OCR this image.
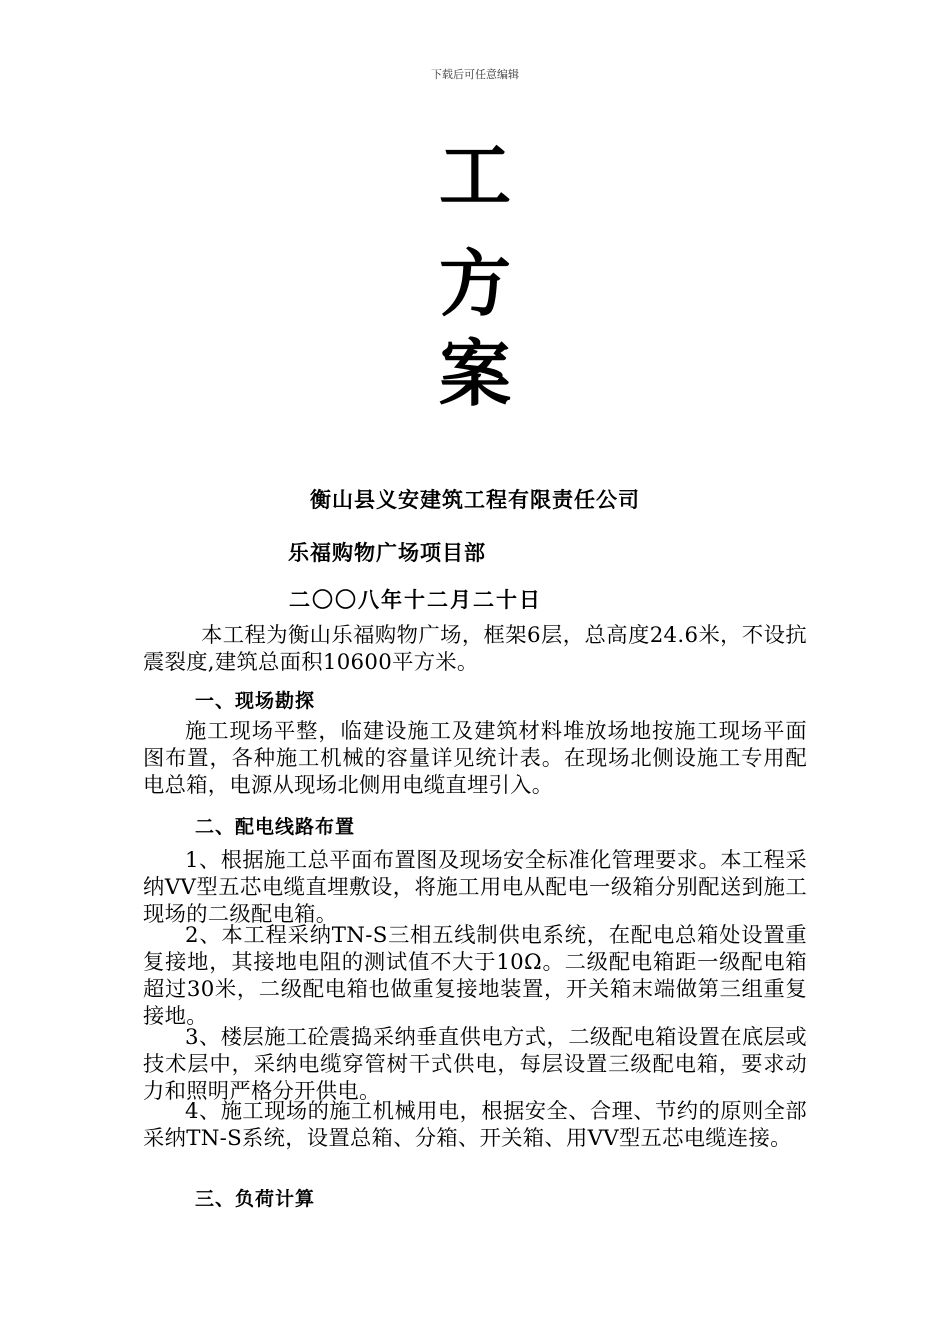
下载后可任意编辑
工
方
案
衡山县义安建筑工程有限责任公司
乐福购物广场项目部
二〇〇八年十二月二十日
本工程为衡山乐福购物广场，框架6层，总高度24.6米，不设抗震裂度,建筑总面积10600平方米。
一、现场勘探
施工现场平整，临建设施工及建筑材料堆放场地按施工现场平面图布置，各种施工机械的容量详见统计表。在现场北侧设施工专用配电总箱，电源从现场北侧用电缆直埋引入。
二、配电线路布置
1、根据施工总平面布置图及现场安全标准化管理要求。本工程采纳VV型五芯电缆直埋敷设，将施工用电从配电一级箱分别配送到施工现场的二级配电箱。
2、本工程采纳TN-S三相五线制供电系统，在配电总箱处设置重复接地，其接地电阻的测试值不大于10Ω。二级配电箱距一级配电箱超过30米，二级配电箱也做重复接地装置，开关箱末端做第三组重复接地。
3、楼层施工砼震捣采纳垂直供电方式，二级配电箱设置在底层或技术层中，采纳电缆穿管树干式供电，每层设置三级配电箱，要求动力和照明严格分开供电。
4、施工现场的施工机械用电，根据安全、合理、节约的原则全部采纳TN-S系统，设置总箱、分箱、开关箱、用VV型五芯电缆连接。
三、负荷计算
